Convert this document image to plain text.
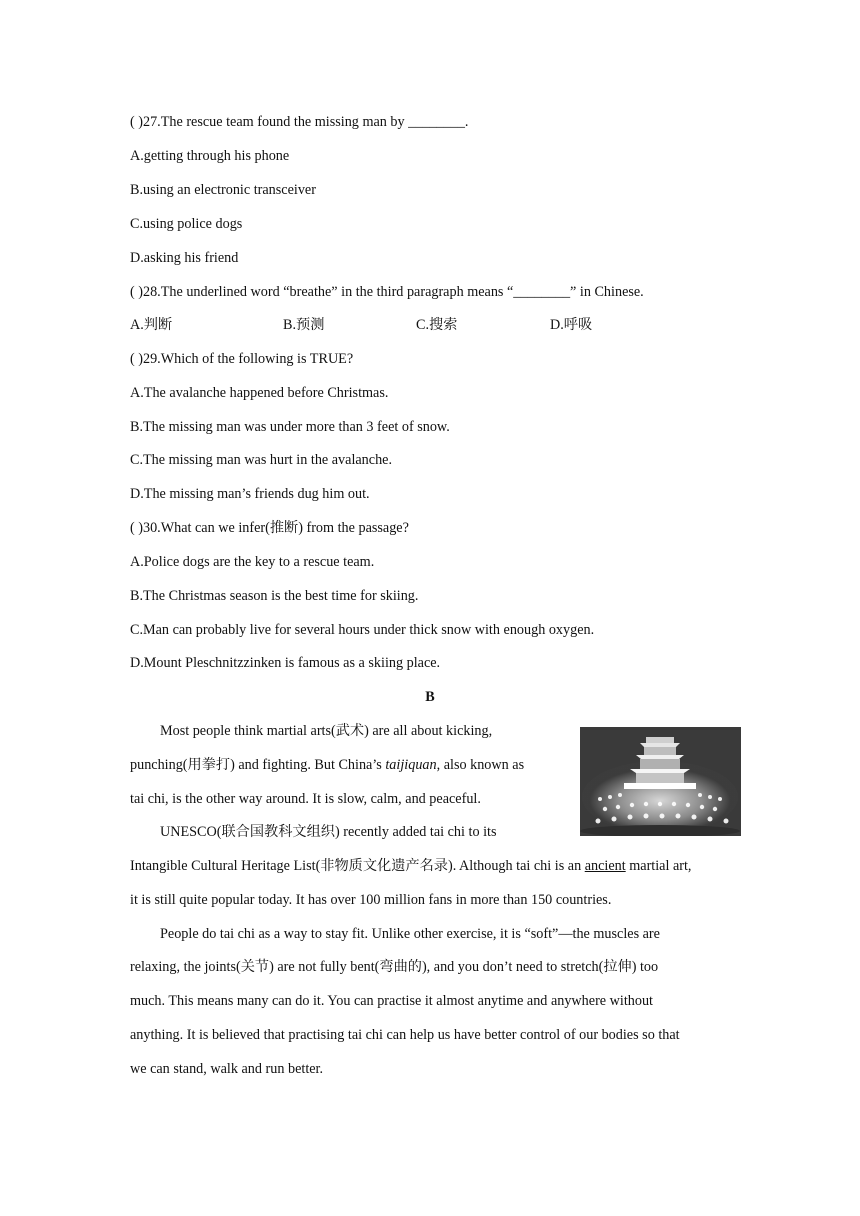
( )27.The rescue team found the missing man by ________.
A.getting through his phone
B.using an electronic transceiver
C.using police dogs
D.asking his friend
( )28.The underlined word “breathe” in the third paragraph means “________” in Chinese.
A.判断	B.预测	C.搜索	D.呼吸
( )29.Which of the following is TRUE?
A.The avalanche happened before Christmas.
B.The missing man was under more than 3 feet of snow.
C.The missing man was hurt in the avalanche.
D.The missing man’s friends dug him out.
( )30.What can we infer(推断) from the passage?
A.Police dogs are the key to a rescue team.
B.The Christmas season is the best time for skiing.
C.Man can probably live for several hours under thick snow with enough oxygen.
D.Mount Pleschnitzzinken is famous as a skiing place.
B
Most people think martial arts(武术) are all about kicking,
punching(用拳打) and fighting. But China’s taijiquan, also known as
tai chi, is the other way around. It is slow, calm, and peaceful.
UNESCO(联合国教科文组织) recently added tai chi to its
Intangible Cultural Heritage List(非物质文化遗产名录). Although tai chi is an ancient martial art,
it is still quite popular today. It has over 100 million fans in more than 150 countries.
People do tai chi as a way to stay fit. Unlike other exercise, it is “soft”—the muscles are
relaxing, the joints(关节) are not fully bent(弯曲的), and you don’t need to stretch(拉伸) too
much. This means many can do it. You can practise it almost anytime and anywhere without
anything. It is believed that practising tai chi can help us have better control of our bodies so that
we can stand, walk and run better.
